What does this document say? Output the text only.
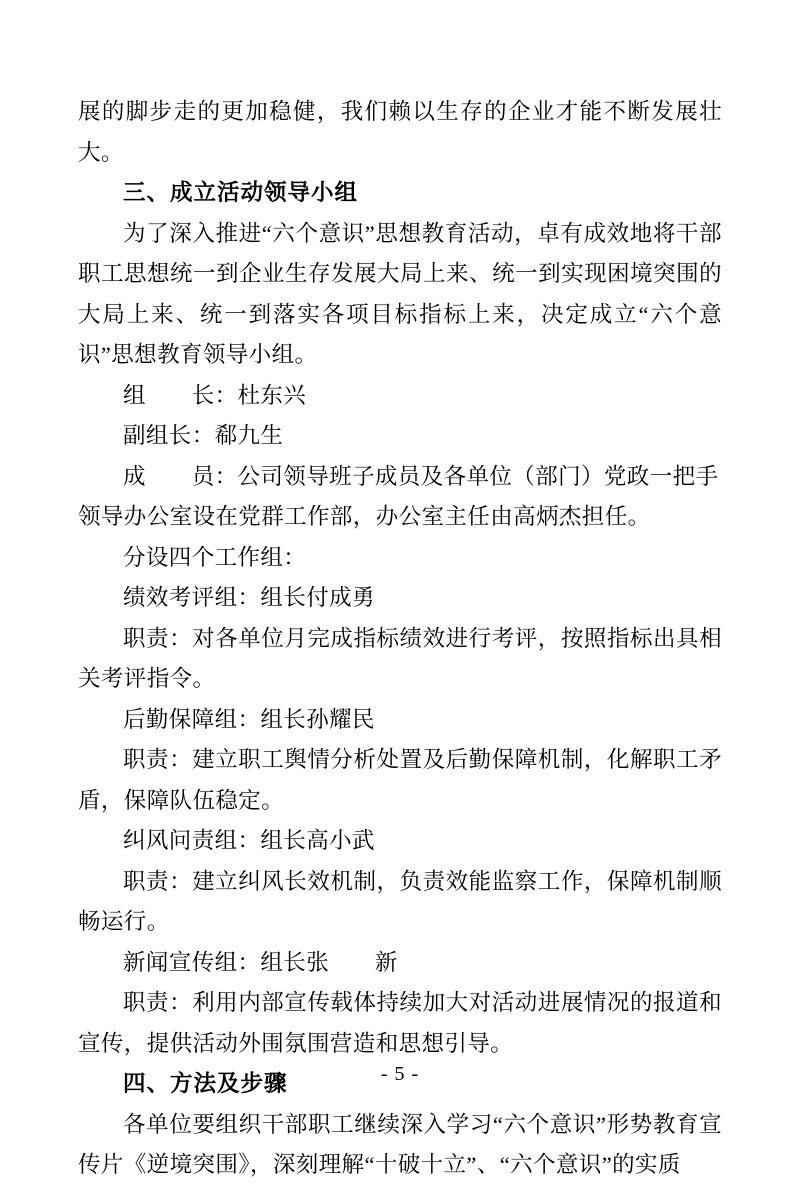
展的脚步走的更加稳健，我们赖以生存的企业才能不断发展壮大。

三、成立活动领导小组

为了深入推进“六个意识”思想教育活动，卓有成效地将干部职工思想统一到企业生存发展大局上来、统一到实现困境突围的大局上来、统一到落实各项目标指标上来，决定成立“六个意识”思想教育领导小组。

组　　长：杜东兴

副组长：郗九生

成　　员：公司领导班子成员及各单位（部门）党政一把手

领导办公室设在党群工作部，办公室主任由高炳杰担任。

分设四个工作组：

绩效考评组：组长付成勇

职责：对各单位月完成指标绩效进行考评，按照指标出具相关考评指令。

后勤保障组：组长孙耀民

职责：建立职工舆情分析处置及后勤保障机制，化解职工矛盾，保障队伍稳定。

纠风问责组：组长高小武

职责：建立纠风长效机制，负责效能监察工作，保障机制顺畅运行。

新闻宣传组：组长张　　新

职责：利用内部宣传载体持续加大对活动进展情况的报道和宣传，提供活动外围氛围营造和思想引导。

四、方法及步骤

各单位要组织干部职工继续深入学习“六个意识”形势教育宣传片《逆境突围》，深刻理解“十破十立”、“六个意识”的实质

- 5 -
